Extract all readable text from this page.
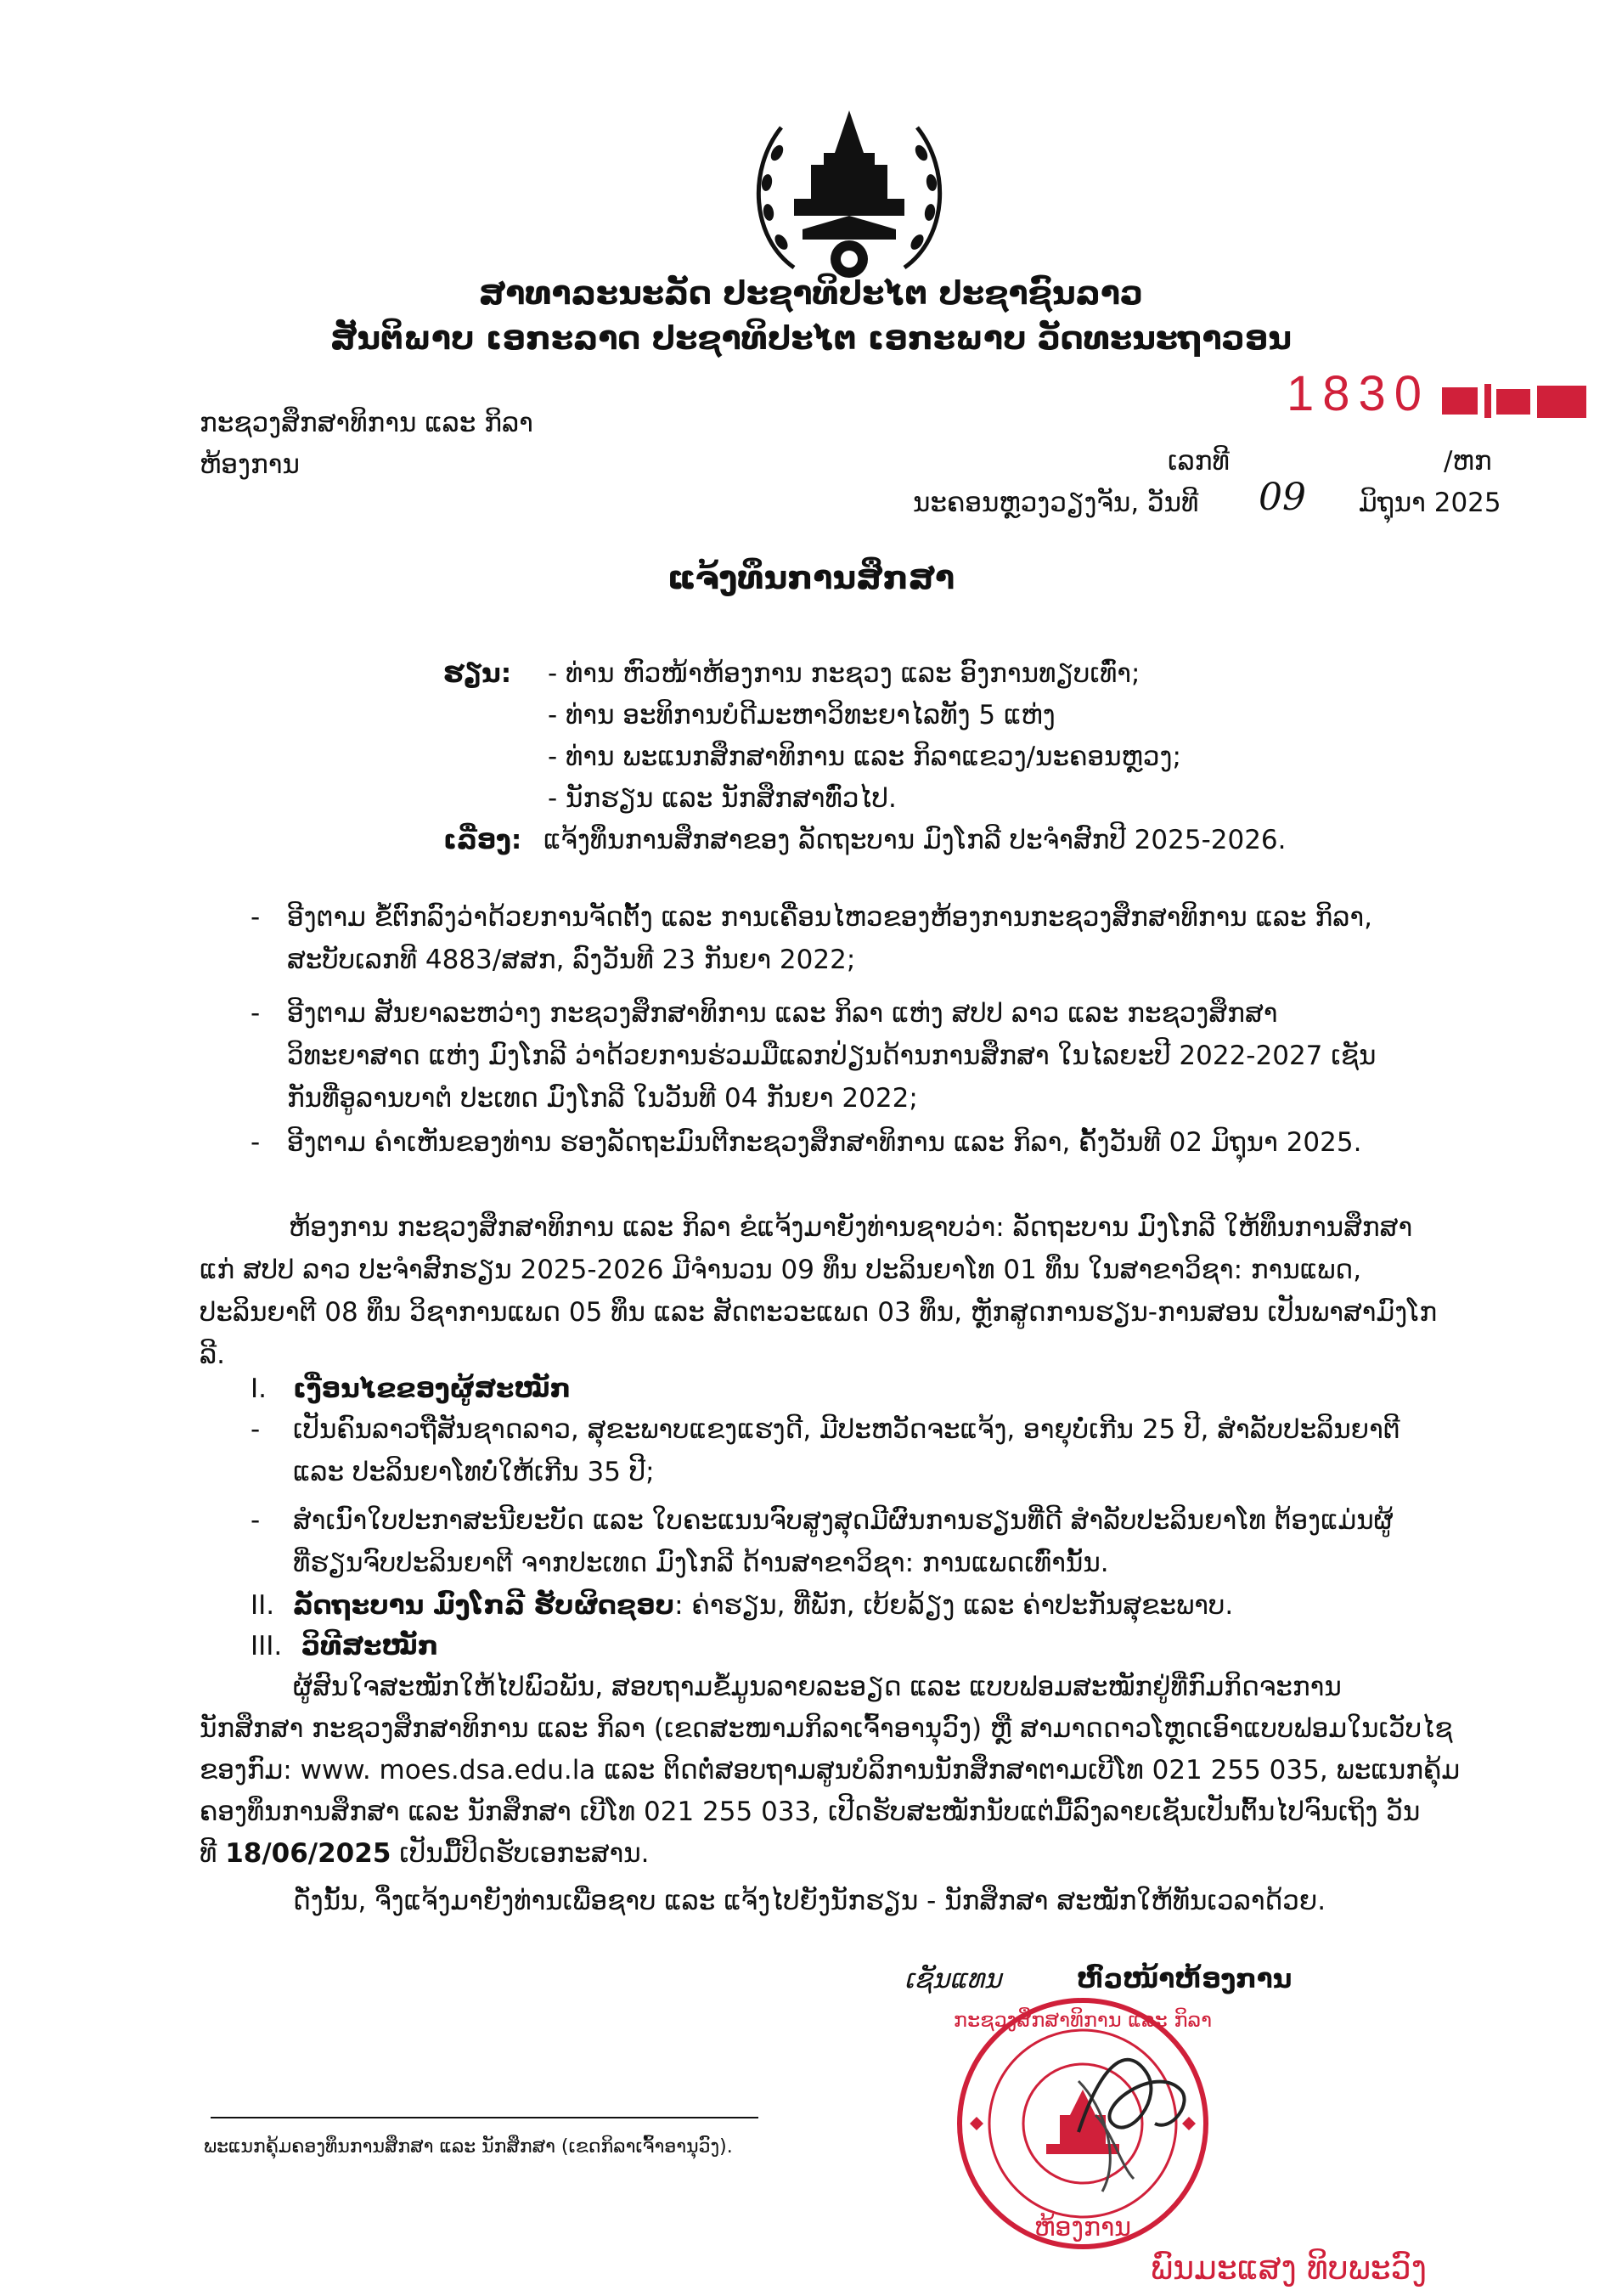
ສາທາລະນະລັດ ປະຊາທິປະໄຕ ປະຊາຊົນລາວ
ສັນຕິພາບ ເອກະລາດ ປະຊາທິປະໄຕ ເອກະພາບ ວັດທະນະຖາວອນ
ກະຊວງສຶກສາທິການ ແລະ ກິລາ
ຫ້ອງການ
1830
ເລກທີ	/ຫກ
ນະຄອນຫຼວງວຽງຈັນ, ວັນທີ 09 ມິຖຸນາ 2025
ແຈ້ງທຶນການສຶກສາ
ຮຽນ: - ທ່ານ ຫົວໜ້າຫ້ອງການ ກະຊວງ ແລະ ອົງການທຽບເທົ່າ;
- ທ່ານ ອະທິການບໍດີມະຫາວິທະຍາໄລທັງ 5 ແຫ່ງ
- ທ່ານ ພະແນກສຶກສາທິການ ແລະ ກິລາແຂວງ/ນະຄອນຫຼວງ;
- ນັກຮຽນ ແລະ ນັກສຶກສາທົ່ວໄປ.
ເລື່ອງ: ແຈ້ງທຶນການສຶກສາຂອງ ລັດຖະບານ ມົງໂກລີ ປະຈຳສົກປີ 2025-2026.
- ອີງຕາມ ຂໍ້ຕົກລົງວ່າດ້ວຍການຈັດຕັ້ງ ແລະ ການເຄື່ອນໄຫວຂອງຫ້ອງການກະຊວງສຶກສາທິການ ແລະ ກິລາ,
ສະບັບເລກທີ 4883/ສສກ, ລົງວັນທີ 23 ກັນຍາ 2022;
- ອີງຕາມ ສັນຍາລະຫວ່າງ ກະຊວງສຶກສາທິການ ແລະ ກິລາ ແຫ່ງ ສປປ ລາວ ແລະ ກະຊວງສຶກສາ
ວິທະຍາສາດ ແຫ່ງ ມົງໂກລີ ວ່າດ້ວຍການຮ່ວມມືແລກປ່ຽນດ້ານການສຶກສາ ໃນໄລຍະປີ 2022-2027 ເຊັນ
ກັນທີ່ອູລານບາຕໍ ປະເທດ ມົງໂກລີ ໃນວັນທີ 04 ກັນຍາ 2022;
- ອີງຕາມ ຄຳເຫັນຂອງທ່ານ ຮອງລັດຖະມົນຕີກະຊວງສຶກສາທິການ ແລະ ກິລາ, ຄັ້ງວັນທີ 02 ມິຖຸນາ 2025.
ຫ້ອງການ ກະຊວງສຶກສາທິການ ແລະ ກິລາ ຂໍແຈ້ງມາຍັງທ່ານຊາບວ່າ: ລັດຖະບານ ມົງໂກລີ ໃຫ້ທຶນການສຶກສາ
ແກ່ ສປປ ລາວ ປະຈຳສົກຮຽນ 2025-2026 ມີຈຳນວນ 09 ທຶນ ປະລິນຍາໂທ 01 ທຶນ ໃນສາຂາວິຊາ: ການແພດ,
ປະລິນຍາຕີ 08 ທຶນ ວິຊາການແພດ 05 ທຶນ ແລະ ສັດຕະວະແພດ 03 ທຶນ, ຫຼັກສູດການຮຽນ-ການສອນ ເປັນພາສາມົງໂກ
ລີ.
I. ເງື່ອນໄຂຂອງຜູ້ສະໝັກ
- ເປັນຄົນລາວຖືສັນຊາດລາວ, ສຸຂະພາບແຂງແຮງດີ, ມີປະຫວັດຈະແຈ້ງ, ອາຍຸບໍ່ເກີນ 25 ປີ, ສຳລັບປະລິນຍາຕີ
ແລະ ປະລິນຍາໂທບໍ່ໃຫ້ເກີນ 35 ປີ;
- ສຳເນົາໃບປະກາສະນີຍະບັດ ແລະ ໃບຄະແນນຈົບສູງສຸດມີຜົນການຮຽນທີ່ດີ ສຳລັບປະລິນຍາໂທ ຕ້ອງແມ່ນຜູ້
ທີ່ຮຽນຈົບປະລິນຍາຕີ ຈາກປະເທດ ມົງໂກລີ ດ້ານສາຂາວິຊາ: ການແພດເທົ່ານັ້ນ.
II. ລັດຖະບານ ມົງໂກລີ ຮັບຜິດຊອບ: ຄ່າຮຽນ, ທີ່ພັກ, ເບ້ຍລ້ຽງ ແລະ ຄ່າປະກັນສຸຂະພາບ.
III. ວິທີສະໝັກ
ຜູ້ສົນໃຈສະໝັກໃຫ້ໄປພົວພັນ, ສອບຖາມຂໍ້ມູນລາຍລະອຽດ ແລະ ແບບຟອມສະໝັກຢູ່ທີ່ກົມກິດຈະການ
ນັກສຶກສາ ກະຊວງສຶກສາທິການ ແລະ ກິລາ (ເຂດສະໜາມກິລາເຈົ້າອານຸວົງ) ຫຼື ສາມາດດາວໂຫຼດເອົາແບບຟອມໃນເວັບໄຊ
ຂອງກົມ: www. moes.dsa.edu.la ແລະ ຕິດຕໍ່ສອບຖາມສູນບໍລິການນັກສຶກສາຕາມເບີໂທ 021 255 035, ພະແນກຄຸ້ມ
ຄອງທຶນການສຶກສາ ແລະ ນັກສຶກສາ ເບີໂທ 021 255 033, ເປີດຮັບສະໝັກນັບແຕ່ມື້ລົງລາຍເຊັນເປັນຕົ້ນໄປຈົນເຖິງ ວັນ
ທີ 18/06/2025 ເປັນມື້ປິດຮັບເອກະສານ.
ດັ່ງນັ້ນ, ຈຶ່ງແຈ້ງມາຍັງທ່ານເພື່ອຊາບ ແລະ ແຈ້ງໄປຍັງນັກຮຽນ - ນັກສຶກສາ ສະໝັກໃຫ້ທັນເວລາດ້ວຍ.
ເຊັນແທນ	ຫົວໜ້າຫ້ອງການ
ກະຊວງສຶກສາທິການ ແລະ ກິລາ
ຫ້ອງການ
ພົນມະແສງ ທິບພະວົງ
ພະແນກຄຸ້ມຄອງທຶນການສຶກສາ ແລະ ນັກສຶກສາ (ເຂດກິລາເຈົ້າອານຸວົງ).
